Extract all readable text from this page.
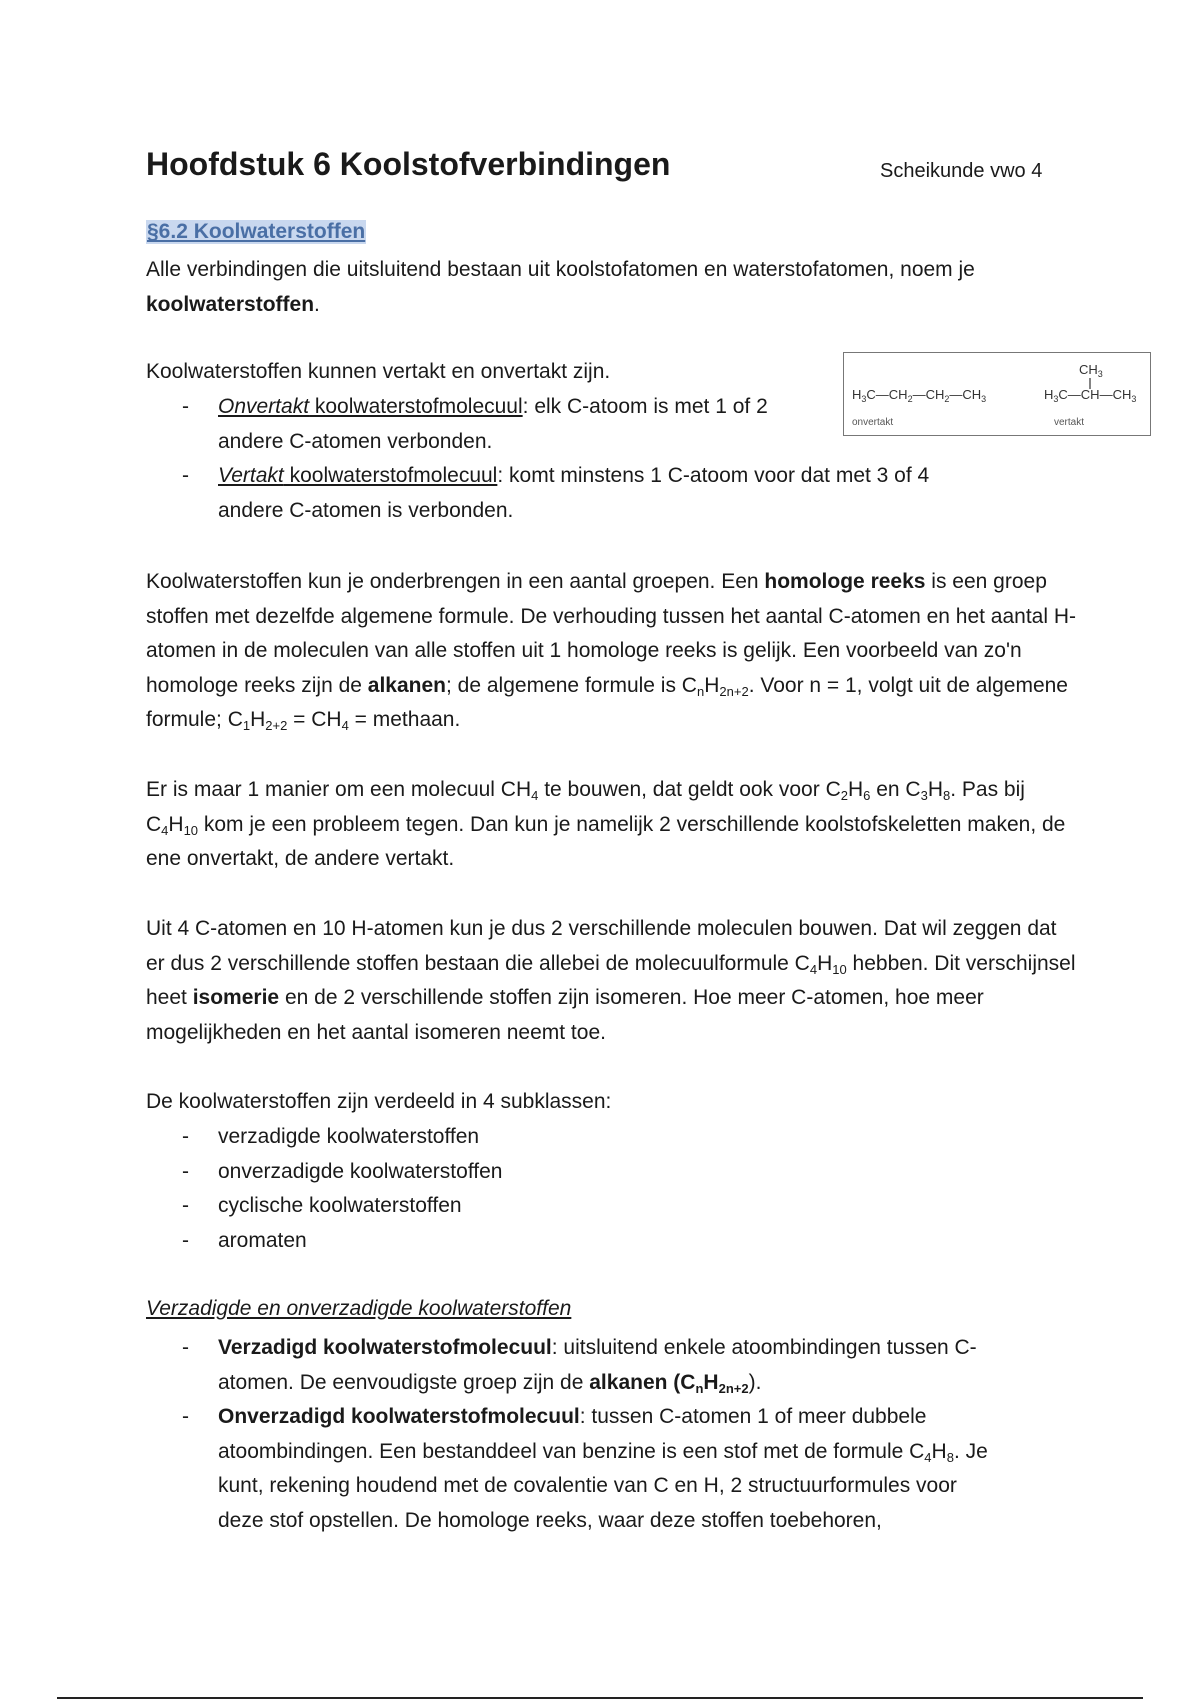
Hoofdstuk 6 Koolstofverbindingen	Scheikunde vwo 4
§6.2 Koolwaterstoffen

Alle verbindingen die uitsluitend bestaan uit koolstofatomen en waterstofatomen, noem je koolwaterstoffen.

Koolwaterstoffen kunnen vertakt en onvertakt zijn.

- Onvertakt koolwaterstofmolecuul: elk C-atoom is met 1 of 2 andere C-atomen verbonden.
- Vertakt koolwaterstofmolecuul: komt minstens 1 C-atoom voor dat met 3 of 4 andere C-atomen is verbonden.
$H_3C—CH_2—CH_2—CH_3$
onvertakt
$CH_3$
$H_3C—CH—CH_3$
vertakt

Koolwaterstoffen kun je onderbrengen in een aantal groepen. Een homologe reeks is een groep stoffen met dezelfde algemene formule. De verhouding tussen het aantal C-atomen en het aantal H-atomen in de moleculen van alle stoffen uit 1 homologe reeks is gelijk. Een voorbeeld van zo'n homologe reeks zijn de alkanen; de algemene formule is $C_nH_{2n+2}$. Voor n = 1, volgt uit de algemene formule; $C_1H_{2+2} = CH_4$ = methaan.

Er is maar 1 manier om een molecuul $CH_4$ te bouwen, dat geldt ook voor $C_2H_6$ en $C_3H_8$. Pas bij $C_4H_{10}$ kom je een probleem tegen. Dan kun je namelijk 2 verschillende koolstofskeletten maken, de ene onvertakt, de andere vertakt.

Uit 4 C-atomen en 10 H-atomen kun je dus 2 verschillende moleculen bouwen. Dat wil zeggen dat er dus 2 verschillende stoffen bestaan die allebei de molecuulformule $C_4H_{10}$ hebben. Dit verschijnsel heet isomerie en de 2 verschillende stoffen zijn isomeren. Hoe meer C-atomen, hoe meer mogelijkheden en het aantal isomeren neemt toe.

De koolwaterstoffen zijn verdeeld in 4 subklassen:

- verzadigde koolwaterstoffen
- onverzadigde koolwaterstoffen
- cyclische koolwaterstoffen
- aromaten
Verzadigde en onverzadigde koolwaterstoffen
- Verzadigd koolwaterstofmolecuul: uitsluitend enkele atoombindingen tussen C-atomen. De eenvoudigste groep zijn de alkanen $(C_nH_{2n+2})$.
- Onverzadigd koolwaterstofmolecuul: tussen C-atomen 1 of meer dubbele atoombindingen. Een bestanddeel van benzine is een stof met de formule $C_4H_8$. Je kunt, rekening houdend met de covalentie van C en H, 2 structuurformules voor deze stof opstellen. De homologe reeks, waar deze stoffen toebehoren,
